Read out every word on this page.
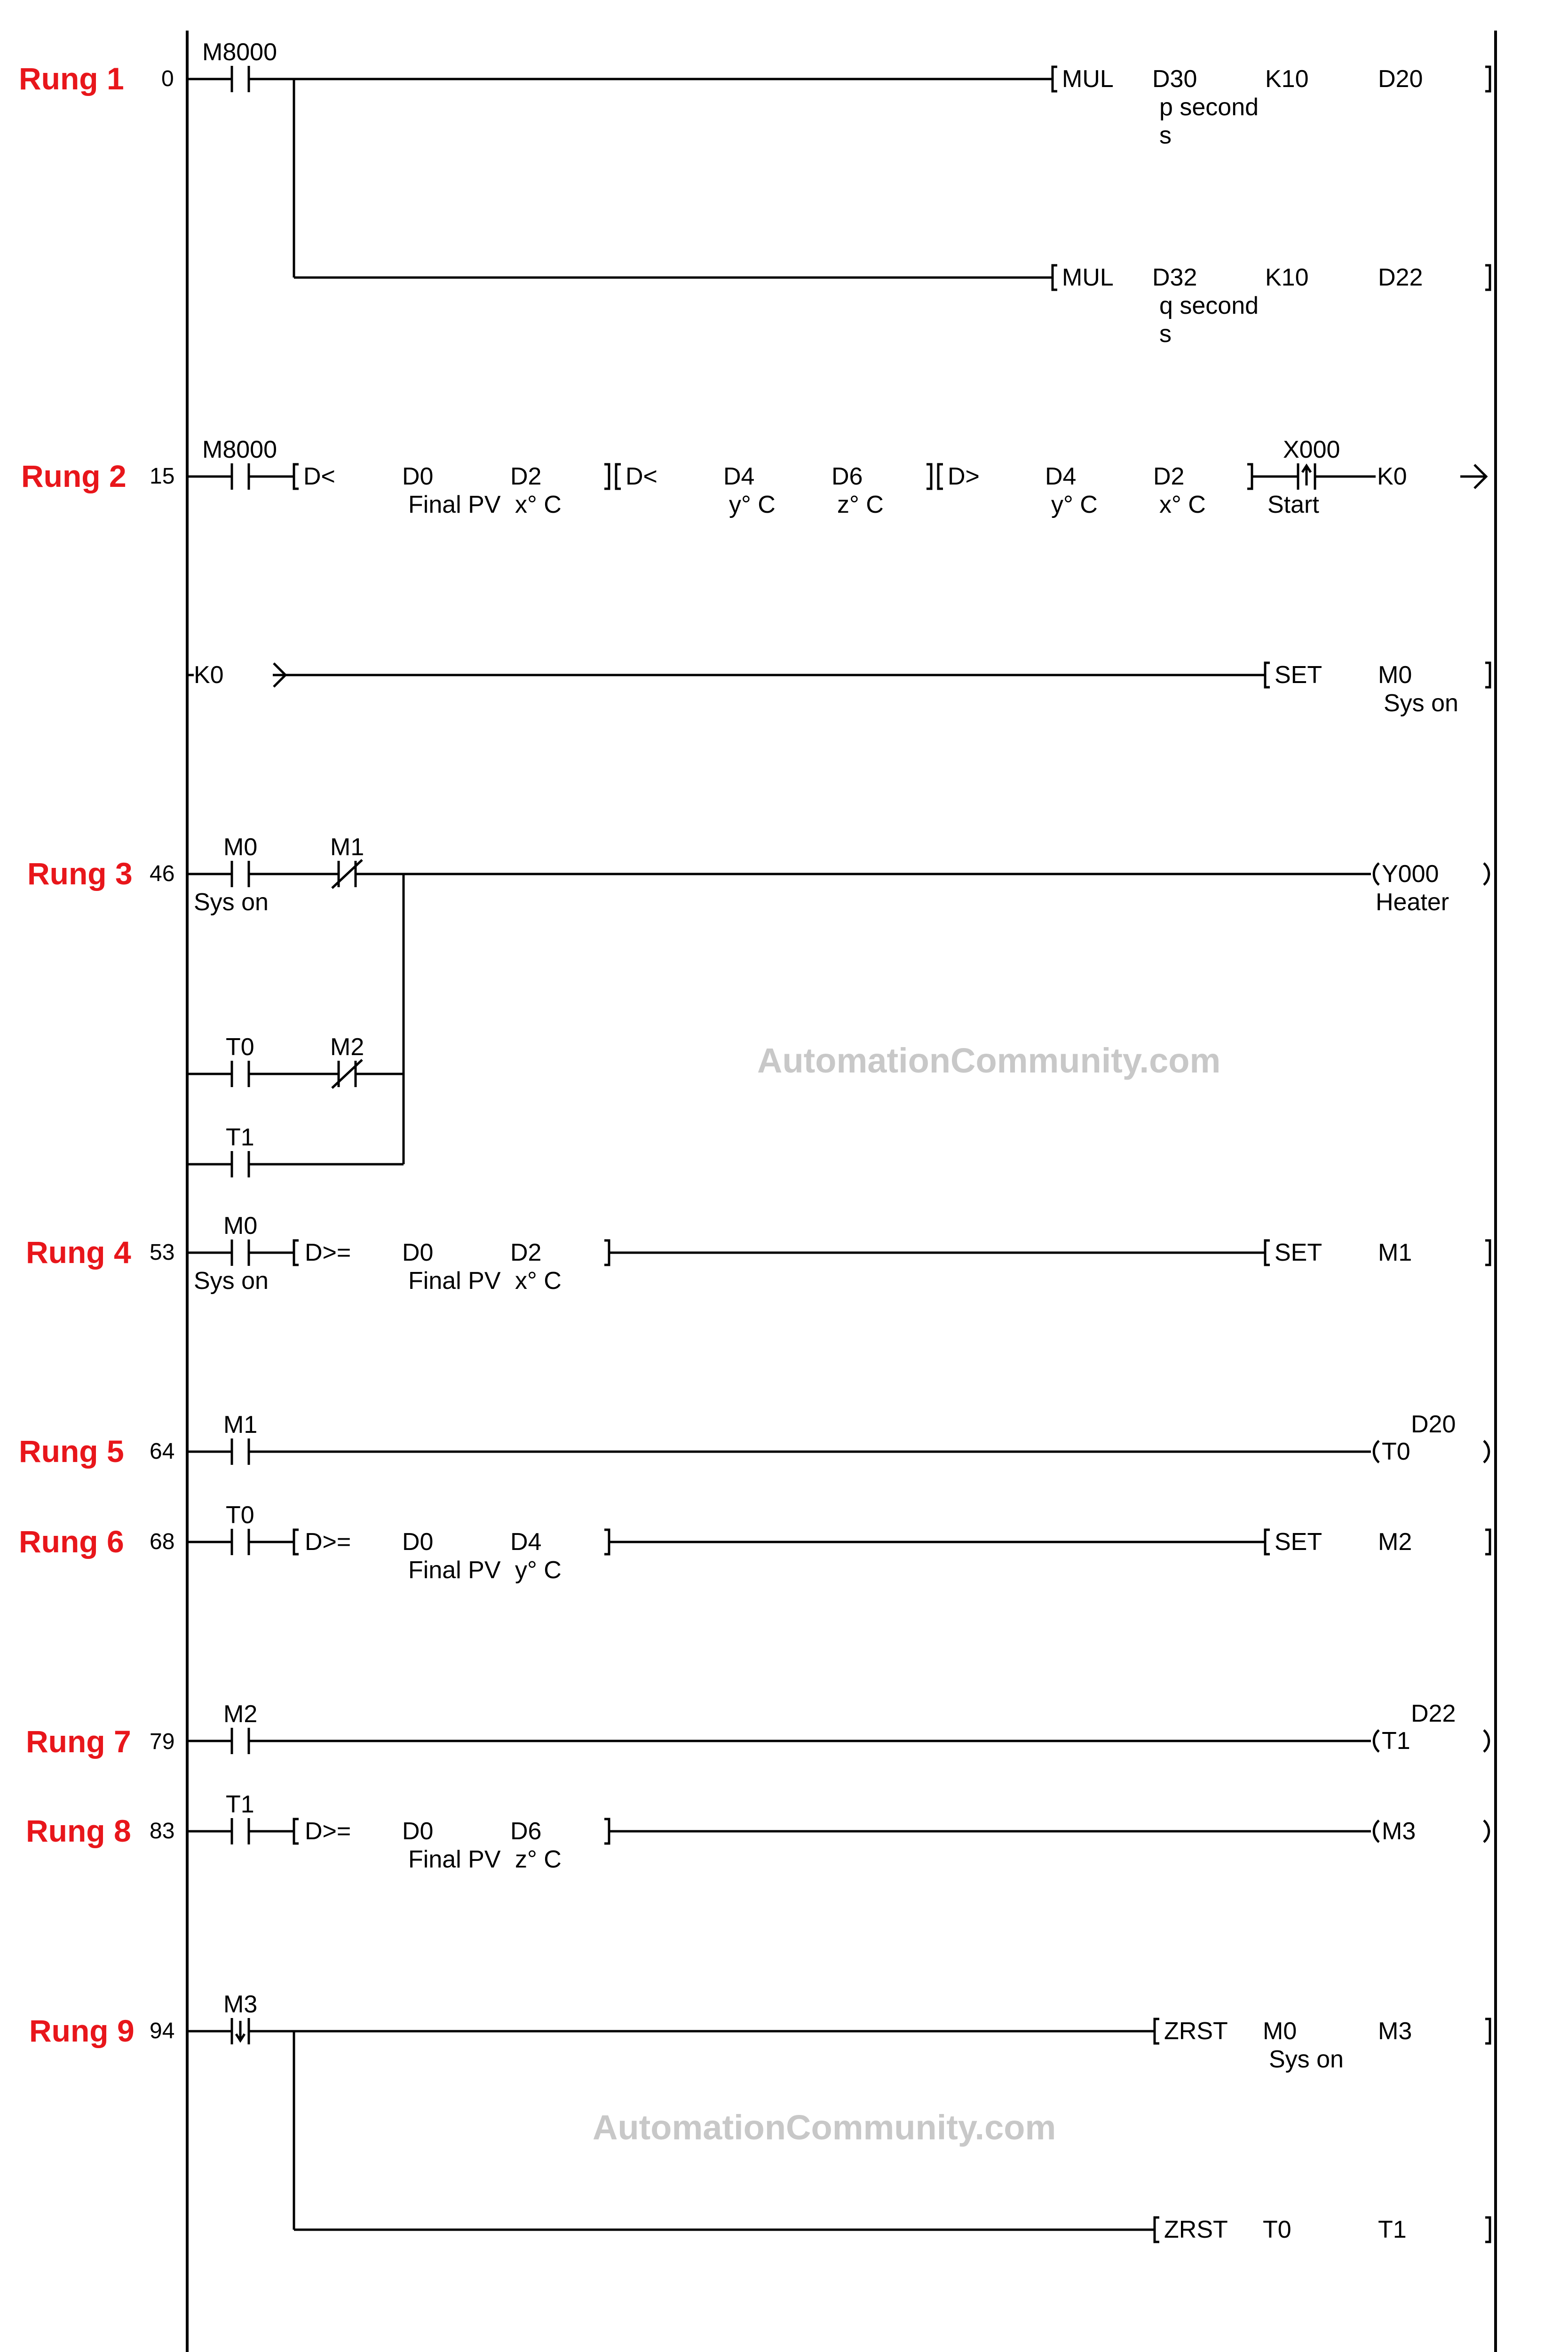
AutomationCommunity.com
AutomationCommunity.com
Rung 1 0
M8000
MUL D30
p second
s
K10	D20
MUL D32
q second
s
K10	D22
Rung 2 15
M8000
D<	D0
Final PV
D2
x° C
D<	D4
y° C
D6
z° C
D>	D4
y° C
D2
x° C
X000
Start
K0
K0	SET M0
Sys on
Rung 3 46
M0
Sys on
M1
T0	M2
T1
Y000
Heater
Rung 4 53
M0
Sys on
D>= D0
Final PV
D2
x° C
SET M1
Rung 5 64
M1
T0
D20
Rung 6 68
T0
D>= D0
Final PV
D4
y° C
SET M2
Rung 7 79
M2
T1
D22
Rung 8 83
T1
D>= D0
Final PV
D6
z° C
M3
Rung 9 94
M3
ZRST M0
Sys on
M3
ZRST T0	T1
